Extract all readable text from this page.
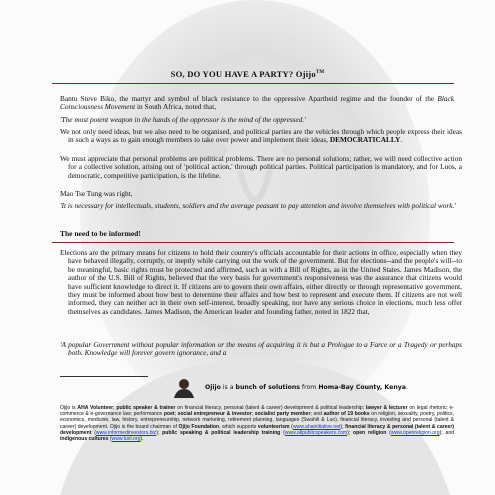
SO, DO YOU HAVE A PARTY? Ojijo™
Bantu Steve Biko, the martyr and symbol of black resistance to the oppressive Apartheid regime and the founder of the Black Consciousness Movement in South Africa, noted that,
'The most potent weapon in the hands of the oppressor is the mind of the oppressed.'
We not only need ideas, but we also need to be organised, and political parties are the vehicles through which people express their ideas in such a ways as to gain enough members to take over power and implement their ideas, DEMOCRATICALLY.
We must appreciate that personal problems are political problems. There are no personal solutions; rather, we will need collective action for a collective solution, arising out of 'political action,' through political parties. Political participation is mandatory, and for Luos, a democratic, competitive participation, is the lifeline.
Mao Tse Tung was right,
'It is necessary for intellectuals, students, soldiers and the average peasant to pay attention and involve themselves with political work.'
The need to be informed!
Elections are the primary means for citizens to hold their country's officials accountable for their actions in office, especially when they have behaved illegally, corruptly, or ineptly while carrying out the work of the government. But for elections--and the people's will--to be meaningful, basic rights must be protected and affirmed, such as with a Bill of Rights, as in the United States. James Madison, the author of the U.S. Bill of Rights, believed that the very basis for government's responsiveness was the assurance that citizens would have sufficient knowledge to direct it. If citizens are to govern their own affairs, either directly or through representative government, they must be informed about how best to determine their affairs and how best to represent and execute them. If citizens are not well informed, they can neither act in their own self-interest, broadly speaking, nor have any serious choice in elections, much less offer themselves as candidates. James Madison, the American leader and founding father, noted in 1822 that,
'A popular Government without popular information or the means of acquiring it is but a Prologue to a Farce or a Tragedy or perhaps both. Knowledge will forever govern ignorance, and a
Ojijo is a bunch of solutions from Homa-Bay County, Kenya.
Ojijo is AHA Volunteer; public speaker & trainer on financial literacy, personal (talent & career) development & political leadership; lawyer & lecturer on legal rhetoric; e-commerce & e-governance law; performance poet; social entrepreneur & investor; socialist party member; and author of 19 books on religion, sexuality, poetry, politics, economics, medicine, law, history, entrepreneurship, network marketing, retirement planning, languages (Swahili & Luo), financial literacy, investing and personal (talent & career) development. Ojijo is the board chairman of Ojijo Foundation, which supports volunteerism (www.ahainitiative.net); financial literacy & personal (talent & career) development (www.informedinvestors.biz); public speaking & political leadership training (www.allpublicspeakers.com); open religion (www.openreligion.org); and indigenous cultures (www.luol.org).
